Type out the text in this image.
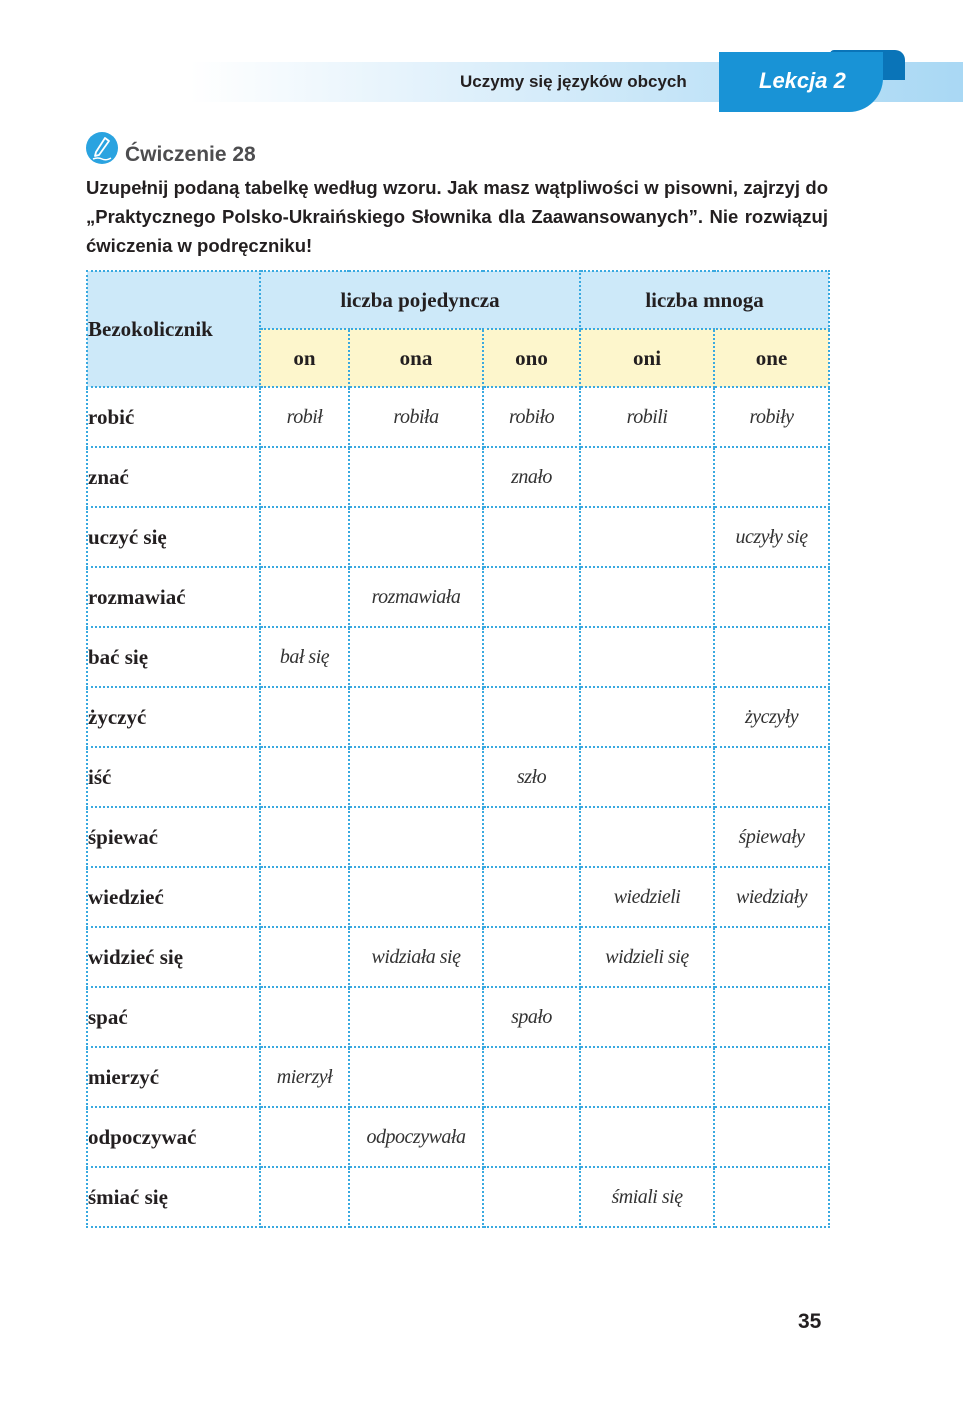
Uczymy się języków obcych	Lekcja 2
Ćwiczenie 28
Uzupełnij podaną tabelkę według wzoru. Jak masz wątpliwości w pisowni, zajrzyj do „Praktycznego Polsko-Ukraińskiego Słownika dla Zaawansowanych”. Nie rozwiązuj ćwiczenia w podręczniku!
Bezokolicznik	liczba pojedyncza			liczba mnoga	
	on	ona	ono	oni	one
robić	robił	robiła	robiło	robili	robiły
znać			znało		
uczyć się					uczyły się
rozmawiać		rozmawiała			
bać się	bał się				
życzyć					życzyły
iść			szło		
śpiewać					śpiewały
wiedzieć				wiedzieli	wiedziały
widzieć się		widziała się		widzieli się	
spać			spało		
mierzyć	mierzył				
odpoczywać		odpoczywała			
śmiać się				śmiali się	
35
